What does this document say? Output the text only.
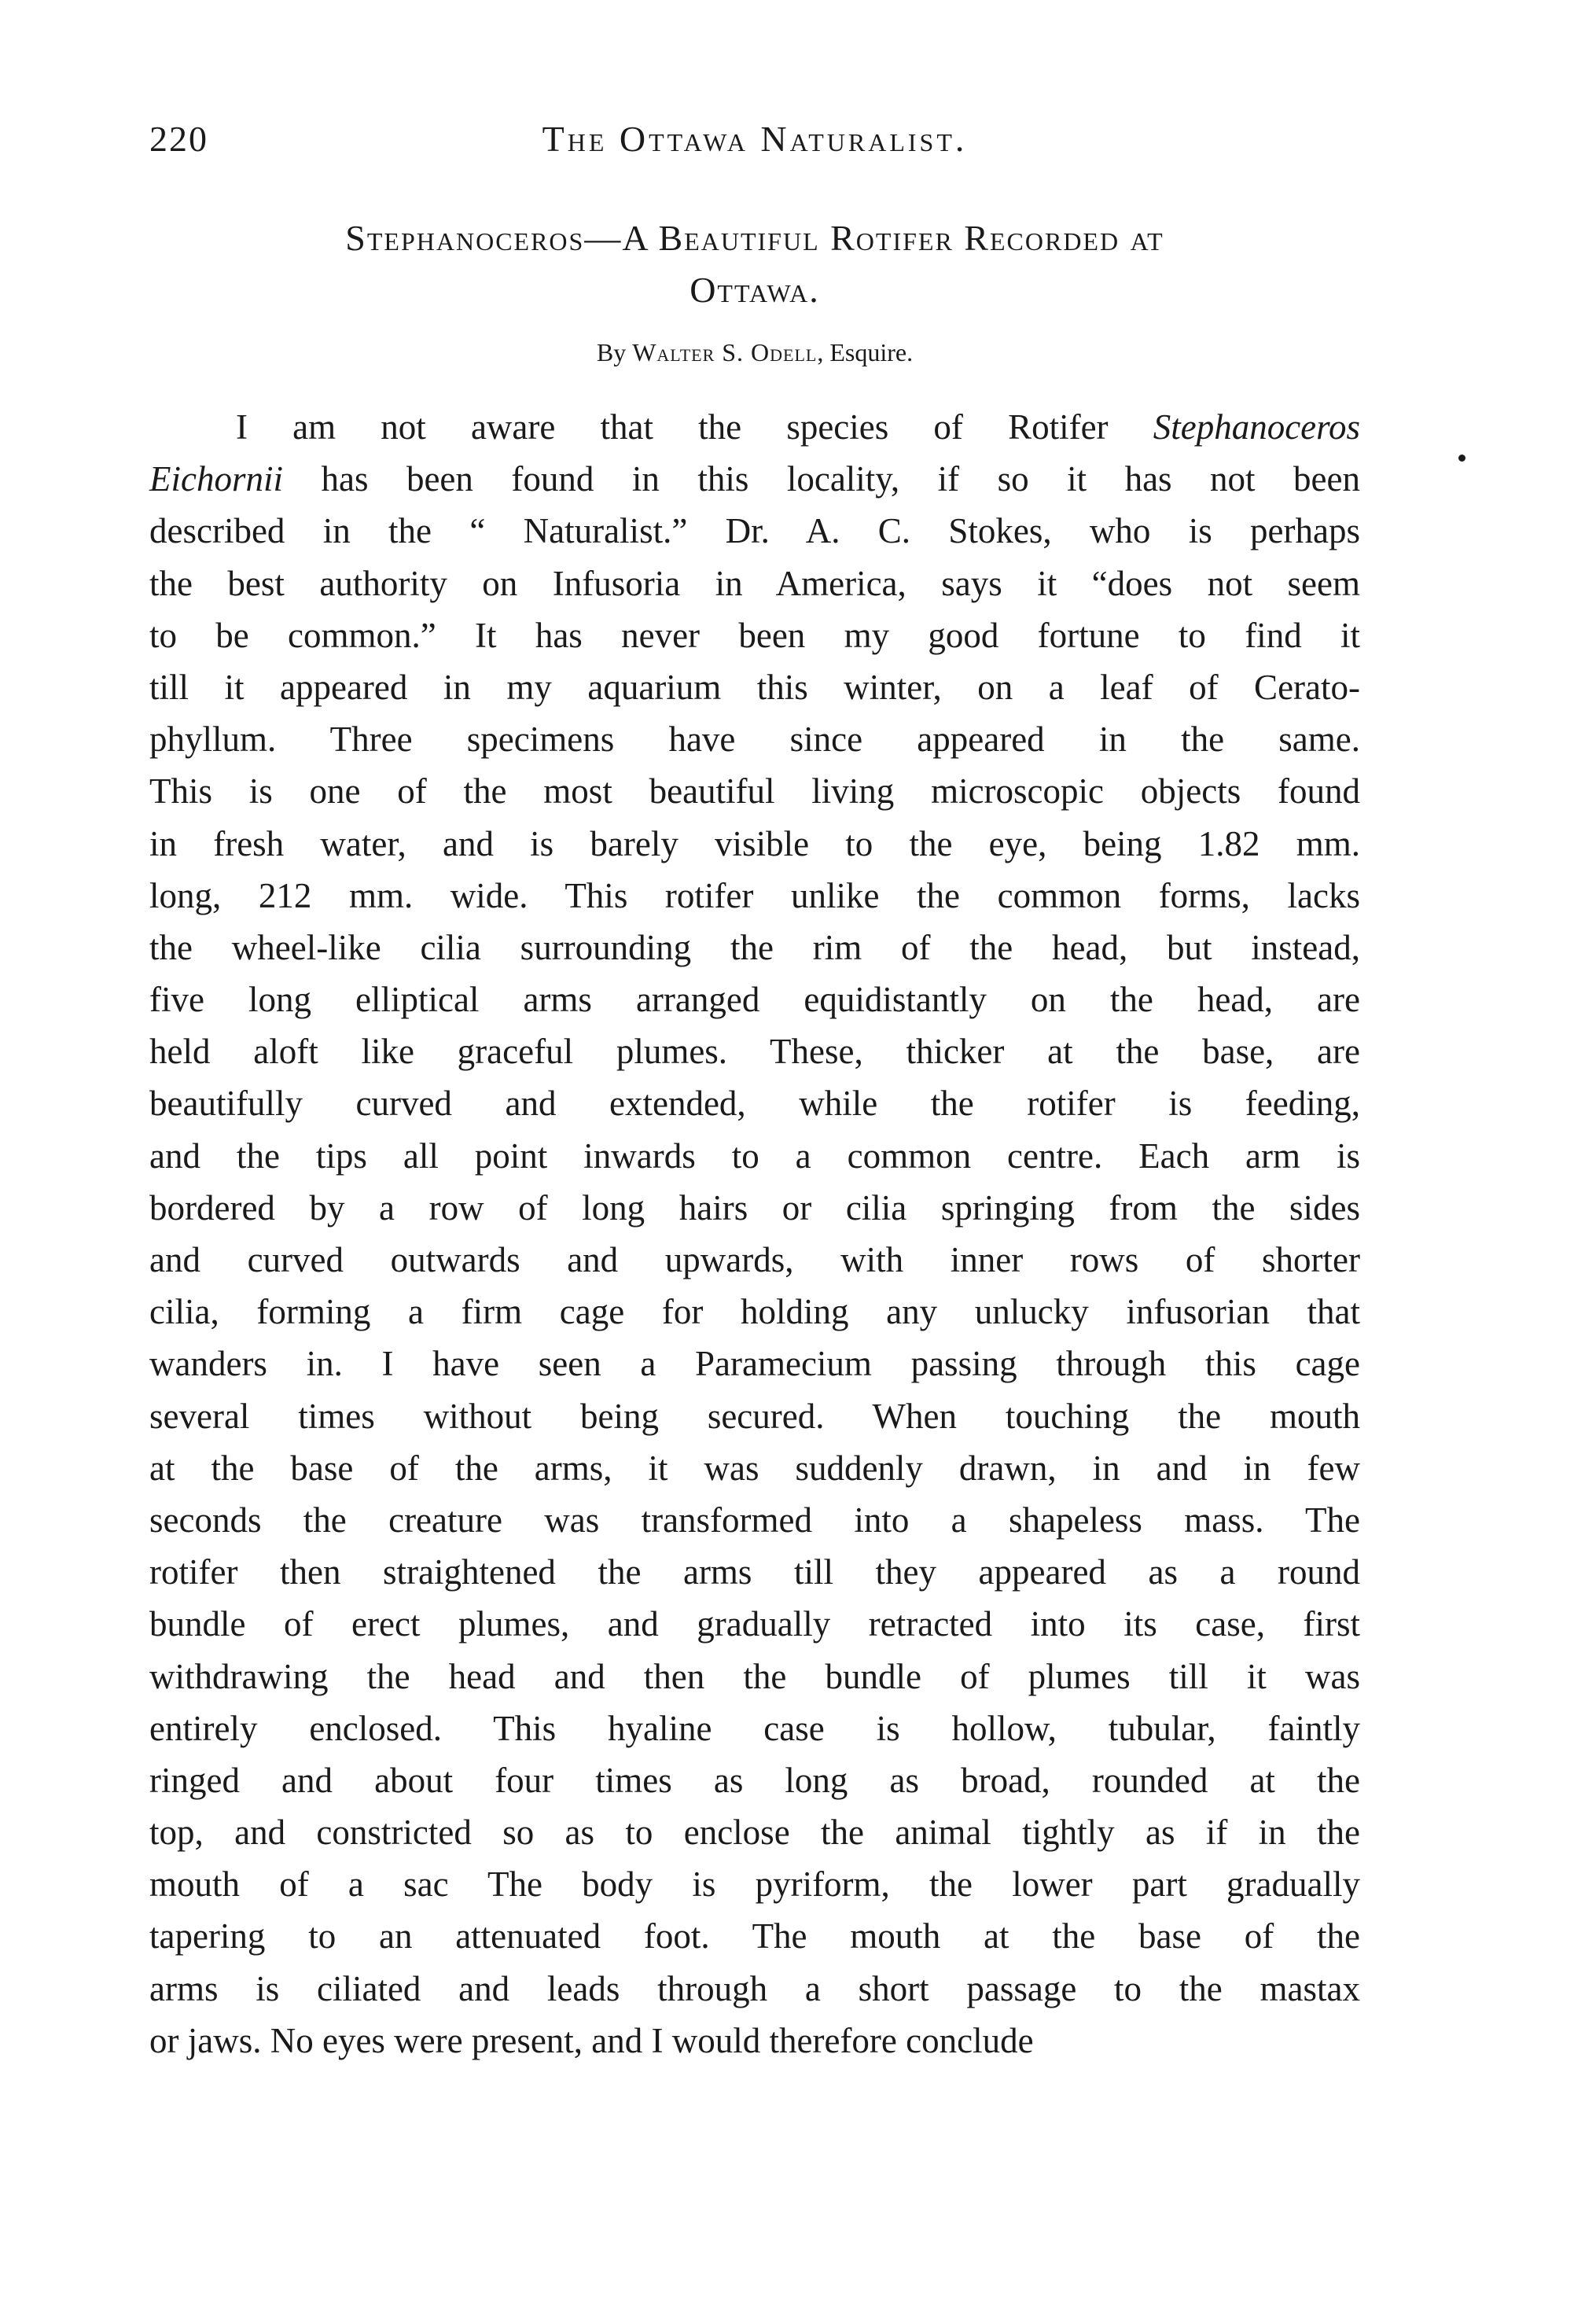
220	The Ottawa Naturalist.
Stephanoceros—A Beautiful Rotifer Recorded at
Ottawa.
By Walter S. Odell, Esquire.
I am not aware that the species of Rotifer Stephanoceros
Eichornii has been found in this locality, if so it has not been
described in the “ Naturalist.” Dr. A. C. Stokes, who is perhaps
the best authority on Infusoria in America, says it “does not seem
to be common.” It has never been my good fortune to find it
till it appeared in my aquarium this winter, on a leaf of Cerato-
phyllum. Three specimens have since appeared in the same.
This is one of the most beautiful living microscopic objects found
in fresh water, and is barely visible to the eye, being 1.82 mm.
long, 212 mm. wide. This rotifer unlike the common forms, lacks
the wheel-like cilia surrounding the rim of the head, but instead,
five long elliptical arms arranged equidistantly on the head, are
held aloft like graceful plumes. These, thicker at the base, are
beautifully curved and extended, while the rotifer is feeding,
and the tips all point inwards to a common centre. Each arm is
bordered by a row of long hairs or cilia springing from the sides
and curved outwards and upwards, with inner rows of shorter
cilia, forming a firm cage for holding any unlucky infusorian that
wanders in. I have seen a Paramecium passing through this cage
several times without being secured. When touching the mouth
at the base of the arms, it was suddenly drawn, in and in few
seconds the creature was transformed into a shapeless mass. The
rotifer then straightened the arms till they appeared as a round
bundle of erect plumes, and gradually retracted into its case, first
withdrawing the head and then the bundle of plumes till it was
entirely enclosed. This hyaline case is hollow, tubular, faintly
ringed and about four times as long as broad, rounded at the
top, and constricted so as to enclose the animal tightly as if in the
mouth of a sac The body is pyriform, the lower part gradually
tapering to an attenuated foot. The mouth at the base of the
arms is ciliated and leads through a short passage to the mastax
or jaws. No eyes were present, and I would therefore conclude
